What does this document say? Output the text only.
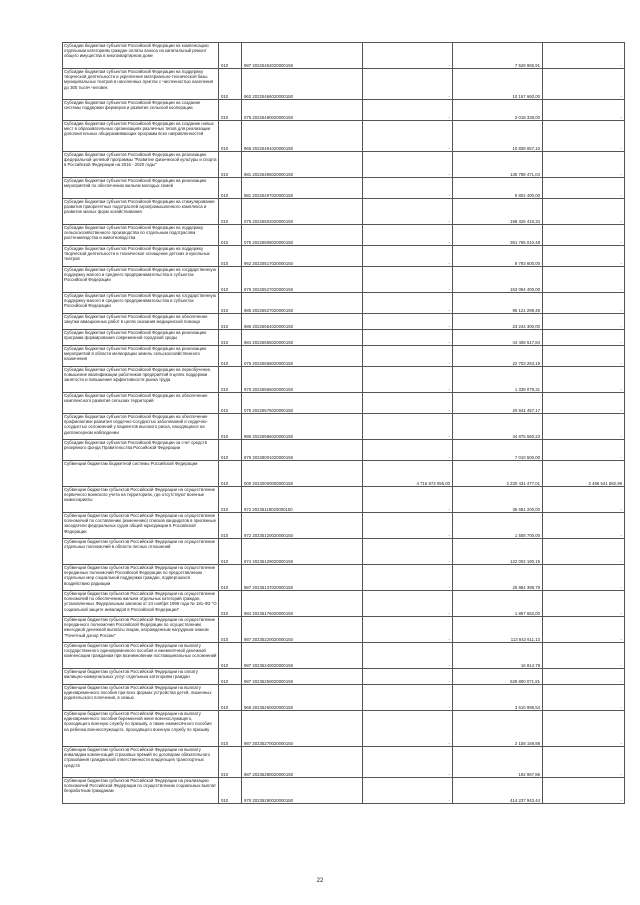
Субсидии бюджетам субъектов Российской Федерации на компенсацию отдельным категориям граждан оплаты взноса на капитальный ремонт общего имущества в многоквартирном доме	010	987 20225462020000150	-	7 528 965,91	-
Субсидии бюджетам субъектов Российской Федерации на поддержку творческой деятельности и укрепление материально-технической базы муниципальных театров в населенных пунктах с численностью населения до 300 тысяч человек	010	962 20225466020000150	-	10 167 660,00	-
Субсидии бюджетам субъектов Российской Федерации на создание системы поддержки фермеров и развитие сельской кооперации	010	075 20225480020000150	-	2 018 338,00	-
Субсидии бюджетам субъектов Российской Федерации на создание новых мест в образовательных организациях различных типов для реализации дополнительных общеразвивающих программ всех направленностей	010	966 20225491020000150	-	10 838 657,10	-
Субсидии бюджетам субъектов Российской Федерации на реализацию федеральной целевой программы "Развитие физической культуры и спорта в Российской Федерации на 2016 - 2020 годы"	010	981 20225495020000150	-	135 788 471,04	-
Субсидии бюджетам субъектов Российской Федерации на реализацию мероприятий по обеспечению жильем молодых семей	010	981 20225497020000150	-	9 802 400,00	-
Субсидии бюджетам субъектов Российской Федерации на стимулирование развития приоритетных подотраслей агропромышленного комплекса и развитие малых форм хозяйствования	010	075 20225502020000150	-	198 326 419,34	-
Субсидии бюджетам субъектов Российской Федерации на поддержку сельскохозяйственного производства по отдельным подотраслям растениеводства и животноводства	010	075 20225508020000150	-	351 765 010,48	-
Субсидии бюджетам субъектов Российской Федерации на поддержку творческой деятельности и техническое оснащение детских и кукольных театров	010	962 20225517020000150	-	8 793 600,00	-
Субсидии бюджетам субъектов Российской Федерации на государственную поддержку малого и среднего предпринимательства в субъектах Российской Федерации	010	979 20225527020000150	-	153 094 400,00	-
Субсидии бюджетам субъектов Российской Федерации на государственную поддержку малого и среднего предпринимательства в субъектах Российской Федерации	010	985 20225527020000150	-	95 121 299,49	-
Субсидии бюджетам субъектов Российской Федерации на обеспечение закупки авиационных работ в целях оказания медицинской помощи	010	986 20225554020000150	-	23 244 300,00	-
Субсидии бюджетам субъектов Российской Федерации на реализацию программ формирования современной городской среды	010	984 20225555020000150	-	44 408 617,84	-
Субсидии бюджетам субъектов Российской Федерации на реализацию мероприятий в области мелиорации земель сельскохозяйственного назначения	010	075 20225568020000150	-	22 703 263,19	-
Субсидии бюджетам субъектов Российской Федерации на переобучение, повышение квалификации работников предприятий в целях поддержки занятости и повышения эффективности рынка труда	010	970 20225566020000150	-	1 339 079,31	-
Субсидии бюджетам субъектов Российской Федерации на обеспечение комплексного развития сельских территорий	010	075 20225576020000150	-	20 841 457,17	-
Субсидии бюджетам субъектов Российской Федерации на обеспечение профилактики развития сердечно-сосудистых заболеваний и сердечно-сосудистых осложнений у пациентов высокого риска, находящихся на диспансерном наблюдении	010	986 20225586020000150	-	34 875 560,23	-
Субсидии бюджетам субъектов Российской Федерации за счет средств резервного фонда Правительства Российской Федерации	010	979 20229001020000150	-	7 010 500,00	-
Субвенции бюджетам бюджетной системы Российской Федерации	010	000 20230000000000150	4 716 973 055,00	2 230 431 477,01	2 486 541 582,99
Субвенции бюджетам субъектов Российской Федерации на осуществление первичного воинского учета на территориях, где отсутствуют военные комиссариаты	010	972 20235118020000150	-	35 681 200,00	-
Субвенции бюджетам субъектов Российской Федерации на осуществление полномочий по составлению (изменению) списков кандидатов в присяжные заседатели федеральных судов общей юрисдикции в Российской Федерации	010	972 20235120020000150	-	1 508 700,00	-
Субвенции бюджетам субъектов Российской Федерации на осуществление отдельных полномочий в области лесных отношений	010	974 20235129020000150	-	122 002 190,19	-
Субвенции бюджетам субъектов Российской Федерации на осуществление переданных полномочий Российской Федерации по предоставлению отдельных мер социальной поддержки граждан, подвергшихся воздействию радиации	010	987 20235137020000150	-	26 884 398,79	-
Субвенции бюджетам субъектов Российской Федерации на осуществление полномочий по обеспечению жильем отдельных категорий граждан, установленных Федеральным законом от 24 ноября 1995 года № 181-ФЗ "О социальной защите инвалидов в Российской Федерации"	010	984 20235176020000150	-	1 857 652,00	-
Субвенции бюджетам субъектов Российской Федерации на осуществление переданного полномочия Российской Федерации по осуществлению ежегодной денежной выплаты лицам, награжденным нагрудным знаком "Почетный донор России"	010	987 20235220020000150	-	113 842 611,13	-
Субвенции бюджетам субъектов Российской Федерации на выплату государственного единовременного пособия и ежемесячной денежной компенсации гражданам при возникновении поствакцинальных осложнений	010	987 20235240020000150	-	16 814,78	-
Субвенции бюджетам субъектов Российской Федерации на оплату жилищно-коммунальных услуг отдельным категориям граждан	010	987 20235250020000150	-	528 800 071,81	-
Субвенции бюджетам субъектов Российской Федерации на выплату единовременного пособия при всех формах устройства детей, лишенных родительского попечения, в семью	010	966 20235260020000150	-	3 610 998,54	-
Субвенции бюджетам субъектов Российской Федерации на выплату единовременного пособия беременной жене военнослужащего, проходящего военную службу по призыву, а также ежемесячного пособия на ребенка военнослужащего, проходящего военную службу по призыву	010	987 20235270020000150	-	2 158 159,88	-
Субвенции бюджетам субъектов Российской Федерации на выплату инвалидам компенсаций страховых премий по договорам обязательного страхования гражданской ответственности владельцев транспортных средств	010	987 20235280020000150	-	192 967,86	-
Субвенции бюджетам субъектов Российской Федерации на реализацию полномочий Российской Федерации по осуществлению социальных выплат безработным гражданам	010	970 20235290020000150	-	414 237 943,44	-
22
